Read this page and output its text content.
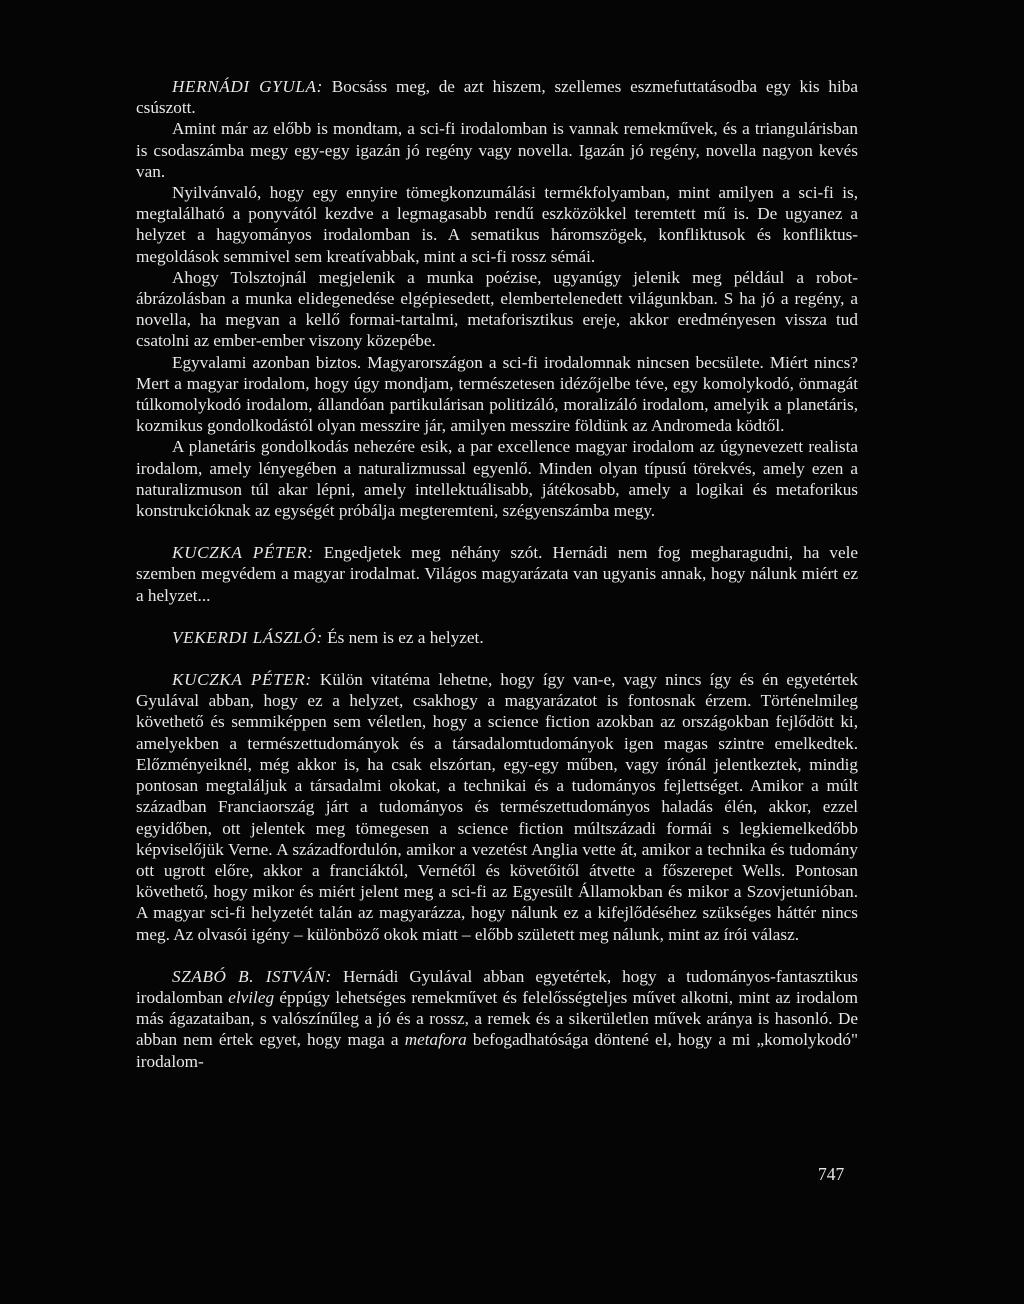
HERNÁDI GYULA: Bocsáss meg, de azt hiszem, szellemes eszmefuttatásodba egy kis hiba csúszott.

Amint már az előbb is mondtam, a sci-fi irodalomban is vannak remekművek, és a triangulárisban is csodaszámba megy egy-egy igazán jó regény vagy novella. Igazán jó regény, novella nagyon kevés van.

Nyilvánvaló, hogy egy ennyire tömegkonzumálási termékfolyamban, mint amilyen a sci-fi is, megtalálható a ponyvától kezdve a legmagasabb rendű eszközökkel teremtett mű is. De ugyanez a helyzet a hagyományos irodalomban is. A sematikus háromszögek, konfliktusok és konfliktus-megoldások semmivel sem kreatívabbak, mint a sci-fi rossz sémái.

Ahogy Tolsztojnál megjelenik a munka poézise, ugyanúgy jelenik meg például a robot-ábrázolásban a munka elidegenedése elgépiesedett, elembertelenedett világunkban. S ha jó a regény, a novella, ha megvan a kellő formai-tartalmi, metaforisztikus ereje, akkor eredményesen vissza tud csatolni az ember-ember viszony közepébe.

Egyvalami azonban biztos. Magyarországon a sci-fi irodalomnak nincsen becsülete. Miért nincs? Mert a magyar irodalom, hogy úgy mondjam, természetesen idézőjelbe téve, egy komolykodó, önmagát túlkomolykodó irodalom, állandóan partikulárisan politizáló, moralizáló irodalom, amelyik a planetáris, kozmikus gondolkodástól olyan messzire jár, amilyen messzire földünk az Andromeda ködtől.

A planetáris gondolkodás nehezére esik, a par excellence magyar irodalom az úgynevezett realista irodalom, amely lényegében a naturalizmussal egyenlő. Minden olyan típusú törekvés, amely ezen a naturalizmuson túl akar lépni, amely intellektuálisabb, játékosabb, amely a logikai és metaforikus konstrukcióknak az egységét próbálja megteremteni, szégyenszámba megy.

KUCZKA PÉTER: Engedjetek meg néhány szót. Hernádi nem fog megharagudni, ha vele szemben megvédem a magyar irodalmat. Világos magyarázata van ugyanis annak, hogy nálunk miért ez a helyzet...

VEKERDI LÁSZLÓ: És nem is ez a helyzet.

KUCZKA PÉTER: Külön vitatéma lehetne, hogy így van-e, vagy nincs így és én egyetértek Gyulával abban, hogy ez a helyzet, csakhogy a magyarázatot is fontosnak érzem. Történelmileg követhető és semmiképpen sem véletlen, hogy a science fiction azokban az országokban fejlődött ki, amelyekben a természettudományok és a társadalomtudományok igen magas szintre emelkedtek. Előzményeiknél, még akkor is, ha csak elszórtan, egy-egy műben, vagy írónál jelentkeztek, mindig pontosan megtaláljuk a társadalmi okokat, a technikai és a tudományos fejlettséget. Amikor a múlt században Franciaország járt a tudományos és természettudományos haladás élén, akkor, ezzel egyidőben, ott jelentek meg tömegesen a science fiction múltszázadi formái s legkiemelkedőbb képviselőjük Verne. A századfordulón, amikor a vezetést Anglia vette át, amikor a technika és tudomány ott ugrott előre, akkor a franciáktól, Vernétől és követőitől átvette a főszerepet Wells. Pontosan követhető, hogy mikor és miért jelent meg a sci-fi az Egyesült Államokban és mikor a Szovjetunióban. A magyar sci-fi helyzetét talán az magyarázza, hogy nálunk ez a kifejlődéséhez szükséges háttér nincs meg. Az olvasói igény – különböző okok miatt – előbb született meg nálunk, mint az írói válasz.

SZABÓ B. ISTVÁN: Hernádi Gyulával abban egyetértek, hogy a tudományos-fantasztikus irodalomban elvileg éppúgy lehetséges remekművet és felelősségteljes művet alkotni, mint az irodalom más ágazataiban, s valószínűleg a jó és a rossz, a remek és a sikerületlen művek aránya is hasonló. De abban nem értek egyet, hogy maga a metafora befogadhatósága döntené el, hogy a mi „komolykodó" irodalom-

747
